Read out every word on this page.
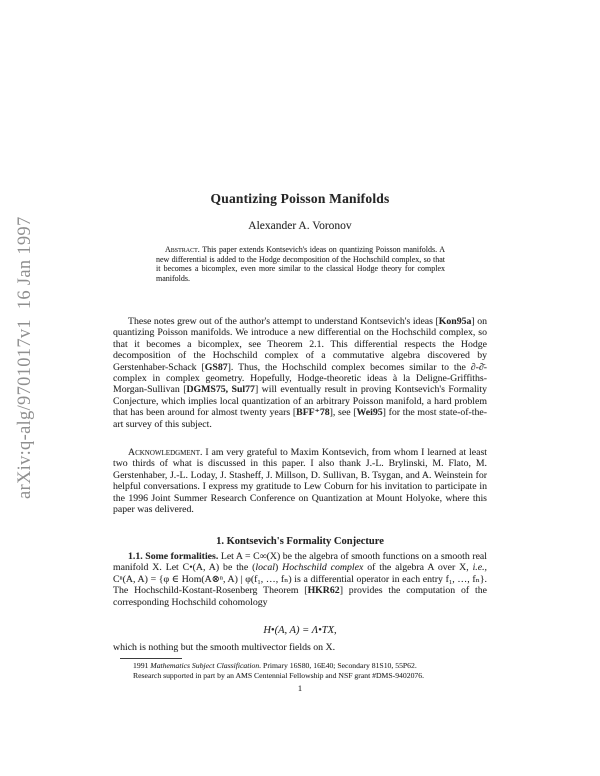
arXiv:q-alg/9701017v1  16 Jan 1997
Quantizing Poisson Manifolds
Alexander A. Voronov
Abstract. This paper extends Kontsevich's ideas on quantizing Poisson manifolds. A new differential is added to the Hodge decomposition of the Hochschild complex, so that it becomes a bicomplex, even more similar to the classical Hodge theory for complex manifolds.

These notes grew out of the author's attempt to understand Kontsevich's ideas [Kon95a] on quantizing Poisson manifolds. We introduce a new differential on the Hochschild complex, so that it becomes a bicomplex, see Theorem 2.1. This differential respects the Hodge decomposition of the Hochschild complex of a commutative algebra discovered by Gerstenhaber-Schack [GS87]. Thus, the Hochschild complex becomes similar to the ∂-∂̄-complex in complex geometry. Hopefully, Hodge-theoretic ideas à la Deligne-Griffiths-Morgan-Sullivan [DGMS75, Sul77] will eventually result in proving Kontsevich's Formality Conjecture, which implies local quantization of an arbitrary Poisson manifold, a hard problem that has been around for almost twenty years [BFF⁺78], see [Wei95] for the most state-of-the-art survey of this subject.

Acknowledgment. I am very grateful to Maxim Kontsevich, from whom I learned at least two thirds of what is discussed in this paper. I also thank J.-L. Brylinski, M. Flato, M. Gerstenhaber, J.-L. Loday, J. Stasheff, J. Millson, D. Sullivan, B. Tsygan, and A. Weinstein for helpful conversations. I express my gratitude to Lew Coburn for his invitation to participate in the 1996 Joint Summer Research Conference on Quantization at Mount Holyoke, where this paper was delivered.

1. Kontsevich's Formality Conjecture

1.1. Some formalities. Let A = C∞(X) be the algebra of smooth functions on a smooth real manifold X. Let C•(A, A) be the (local) Hochschild complex of the algebra A over X, i.e., Cⁿ(A, A) = {φ ∈ Hom(A⊗ⁿ, A) | φ(f₁, …, fₙ) is a differential operator in each entry f₁, …, fₙ}. The Hochschild-Kostant-Rosenberg Theorem [HKR62] provides the computation of the corresponding Hochschild cohomology

H•(A, A) = Λ•TX,

which is nothing but the smooth multivector fields on X.

1991 Mathematics Subject Classification. Primary 16S80, 16E40; Secondary 81S10, 55P62.

Research supported in part by an AMS Centennial Fellowship and NSF grant #DMS-9402076.

1
